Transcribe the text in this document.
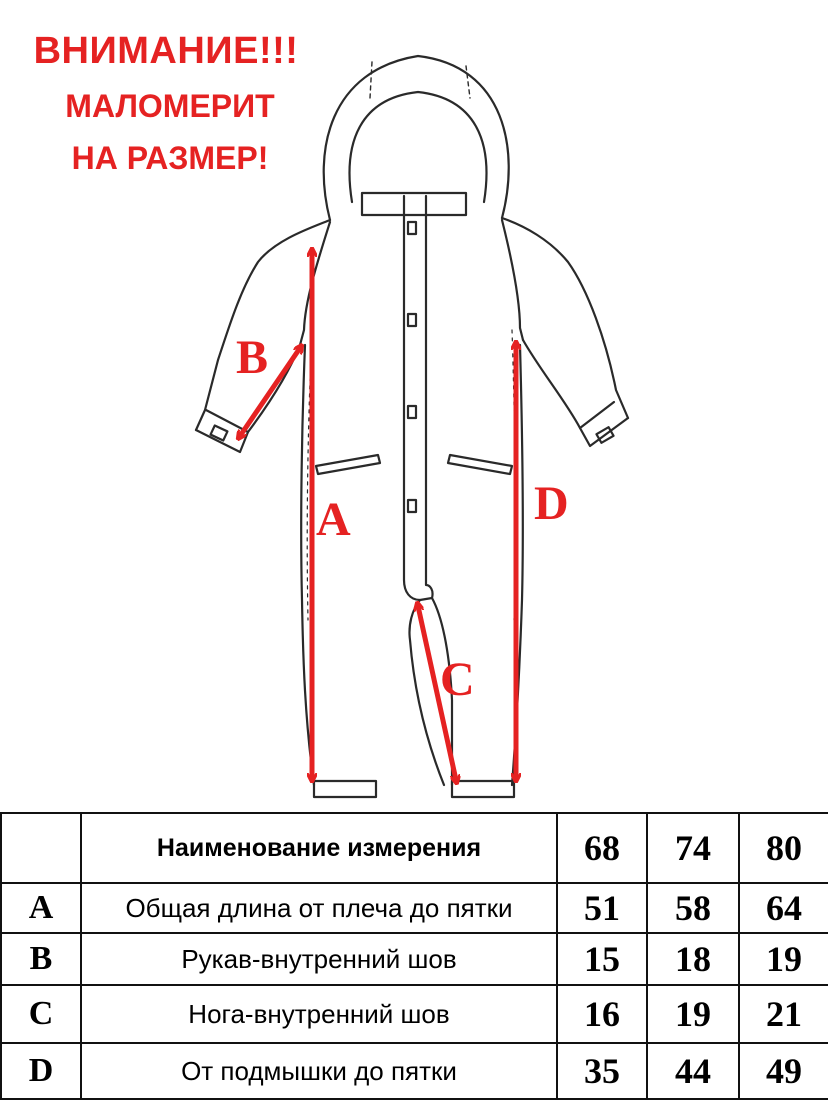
ВНИМАНИЕ!!!
МАЛОМЕРИТ
НА РАЗМЕР!
B
A	D
C
	Наименование измерения	68	74	80
A	Общая длина от плеча до пятки	51	58	64
B	Рукав-внутренний шов	15	18	19
C	Нога-внутренний шов	16	19	21
D	От подмышки до пятки	35	44	49
